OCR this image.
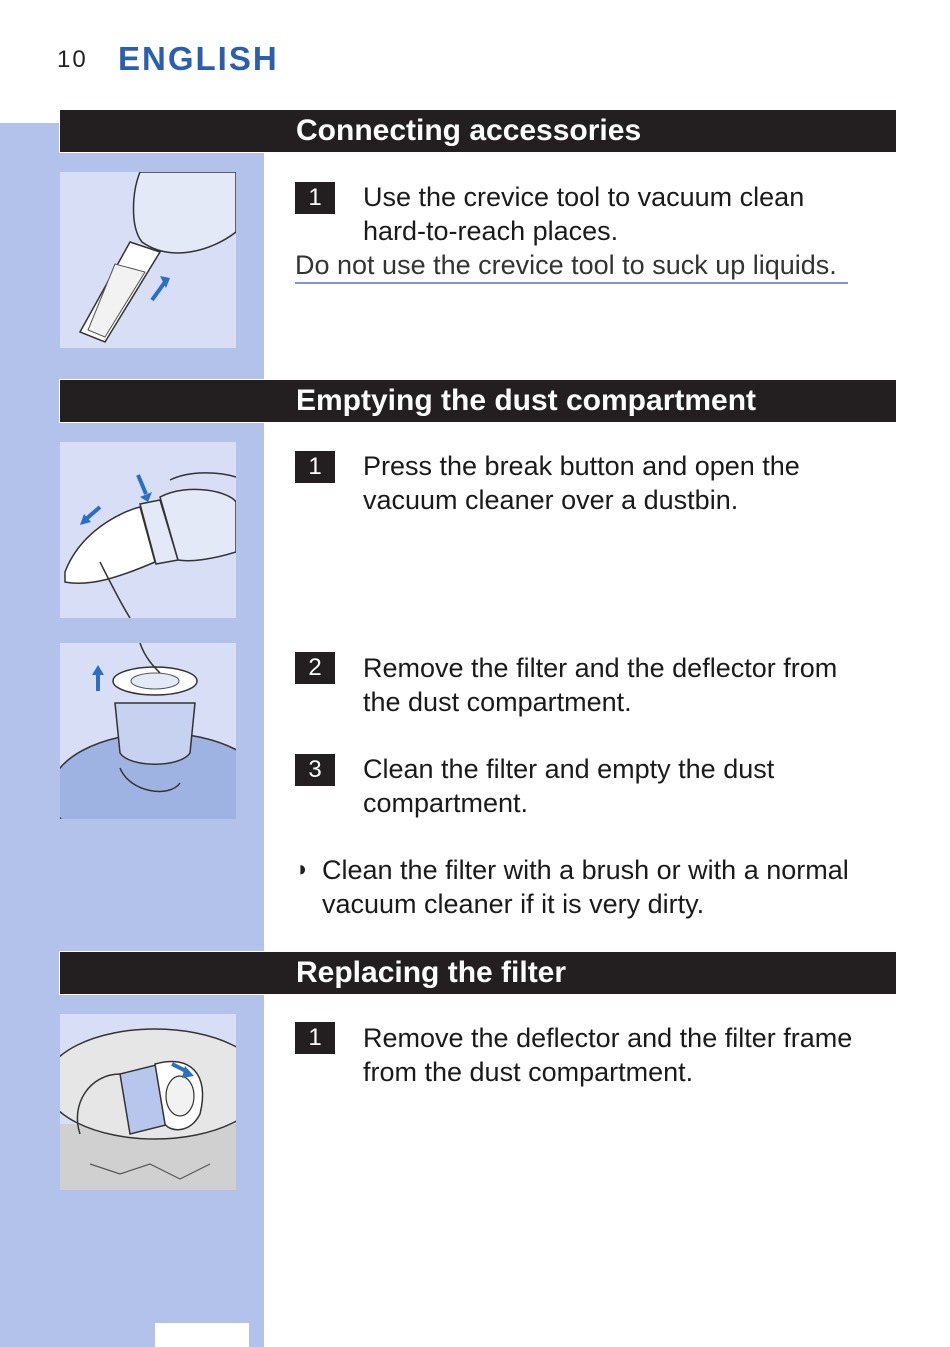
10 ENGLISH
Connecting accessories
1	Use the crevice tool to vacuum clean
hard-to-reach places.
Do not use the crevice tool to suck up liquids.
Emptying the dust compartment
1	Press the break button and open the
vacuum cleaner over a dustbin.
2	Remove the filter and the deflector from
the dust compartment.
3	Clean the filter and empty the dust
compartment.
◗ Clean the filter with a brush or with a normal
vacuum cleaner if it is very dirty.
Replacing the filter
1	Remove the deflector and the filter frame
from the dust compartment.
